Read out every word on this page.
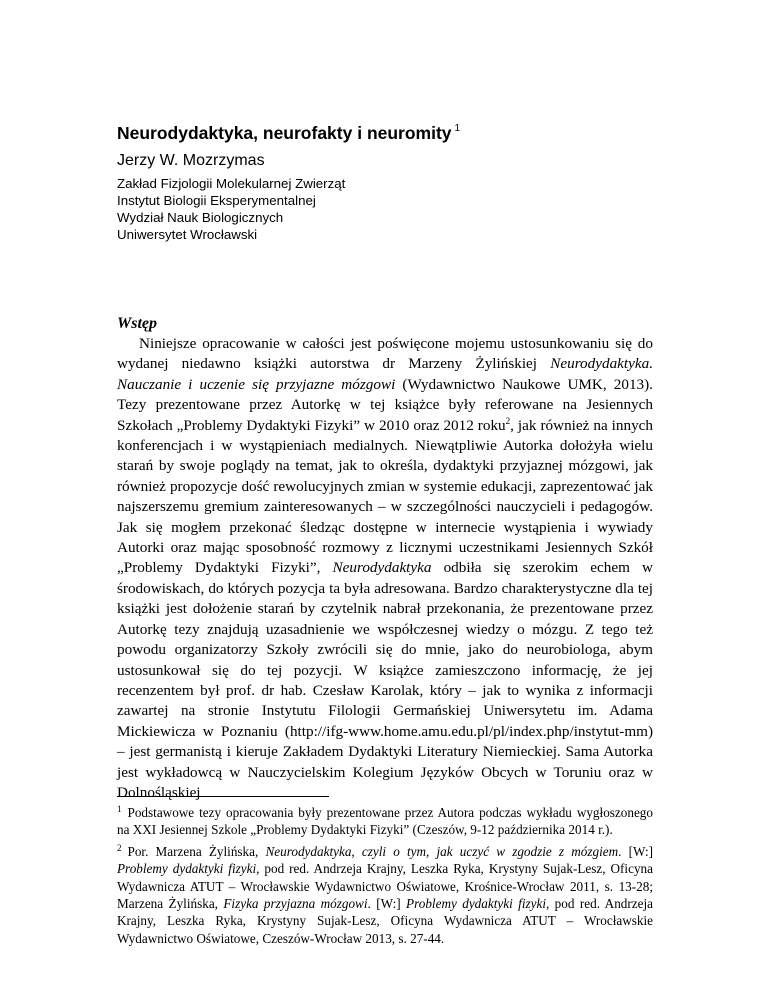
Neurodydaktyka, neurofakty i neuromity $^1$
Jerzy W. Mozrzymas
Zakład Fizjologii Molekularnej Zwierząt
Instytut Biologii Eksperymentalnej
Wydział Nauk Biologicznych
Uniwersytet Wrocławski
Wstęp

Niniejsze opracowanie w całości jest poświęcone mojemu ustosunkowaniu się do wydanej niedawno książki autorstwa dr Marzeny Żylińskiej Neurodydaktyka. Nauczanie i uczenie się przyjazne mózgowi (Wydawnictwo Naukowe UMK, 2013). Tezy prezentowane przez Autorkę w tej książce były referowane na Jesiennych Szkołach „Problemy Dydaktyki Fizyki” w 2010 oraz 2012 roku$^2$, jak również na innych konferencjach i w wystąpieniach medialnych. Niewątpliwie Autorka dołożyła wielu starań by swoje poglądy na temat, jak to określa, dydaktyki przyjaznej mózgowi, jak również propozycje dość rewolucyjnych zmian w systemie edukacji, zaprezentować jak najszerszemu gremium zainteresowanych – w szczególności nauczycieli i pedagogów. Jak się mogłem przekonać śledząc dostępne w internecie wystąpienia i wywiady Autorki oraz mając sposobność rozmowy z licznymi uczestnikami Jesiennych Szkół „Problemy Dydaktyki Fizyki”, Neurodydaktyka odbiła się szerokim echem w środowiskach, do których pozycja ta była adresowana. Bardzo charakterystyczne dla tej książki jest dołożenie starań by czytelnik nabrał przekonania, że prezentowane przez Autorkę tezy znajdują uzasadnienie we współczesnej wiedzy o mózgu. Z tego też powodu organizatorzy Szkoły zwrócili się do mnie, jako do neurobiologa, abym ustosunkował się do tej pozycji. W książce zamieszczono informację, że jej recenzentem był prof. dr hab. Czesław Karolak, który – jak to wynika z informacji zawartej na stronie Instytutu Filologii Germańskiej Uniwersytetu im. Adama Mickiewicza w Poznaniu (http://ifg-www.home.amu.edu.pl/pl/index.php/instytut-mm) – jest germanistą i kieruje Zakładem Dydaktyki Literatury Niemieckiej. Sama Autorka jest wykładowcą w Nauczycielskim Kolegium Języków Obcych w Toruniu oraz w Dolnośląskiej

$^1$ Podstawowe tezy opracowania były prezentowane przez Autora podczas wykładu wygłoszonego na XXI Jesiennej Szkole „Problemy Dydaktyki Fizyki” (Czeszów, 9-12 października 2014 r.).

$^2$ Por. Marzena Żylińska, Neurodydaktyka, czyli o tym, jak uczyć w zgodzie z mózgiem. [W:] Problemy dydaktyki fizyki, pod red. Andrzeja Krajny, Leszka Ryka, Krystyny Sujak-Lesz, Oficyna Wydawnicza ATUT – Wrocławskie Wydawnictwo Oświatowe, Krośnice-Wrocław 2011, s. 13-28; Marzena Żylińska, Fizyka przyjazna mózgowi. [W:] Problemy dydaktyki fizyki, pod red. Andrzeja Krajny, Leszka Ryka, Krystyny Sujak-Lesz, Oficyna Wydawnicza ATUT – Wrocławskie Wydawnictwo Oświatowe, Czeszów-Wrocław 2013, s. 27-44.
